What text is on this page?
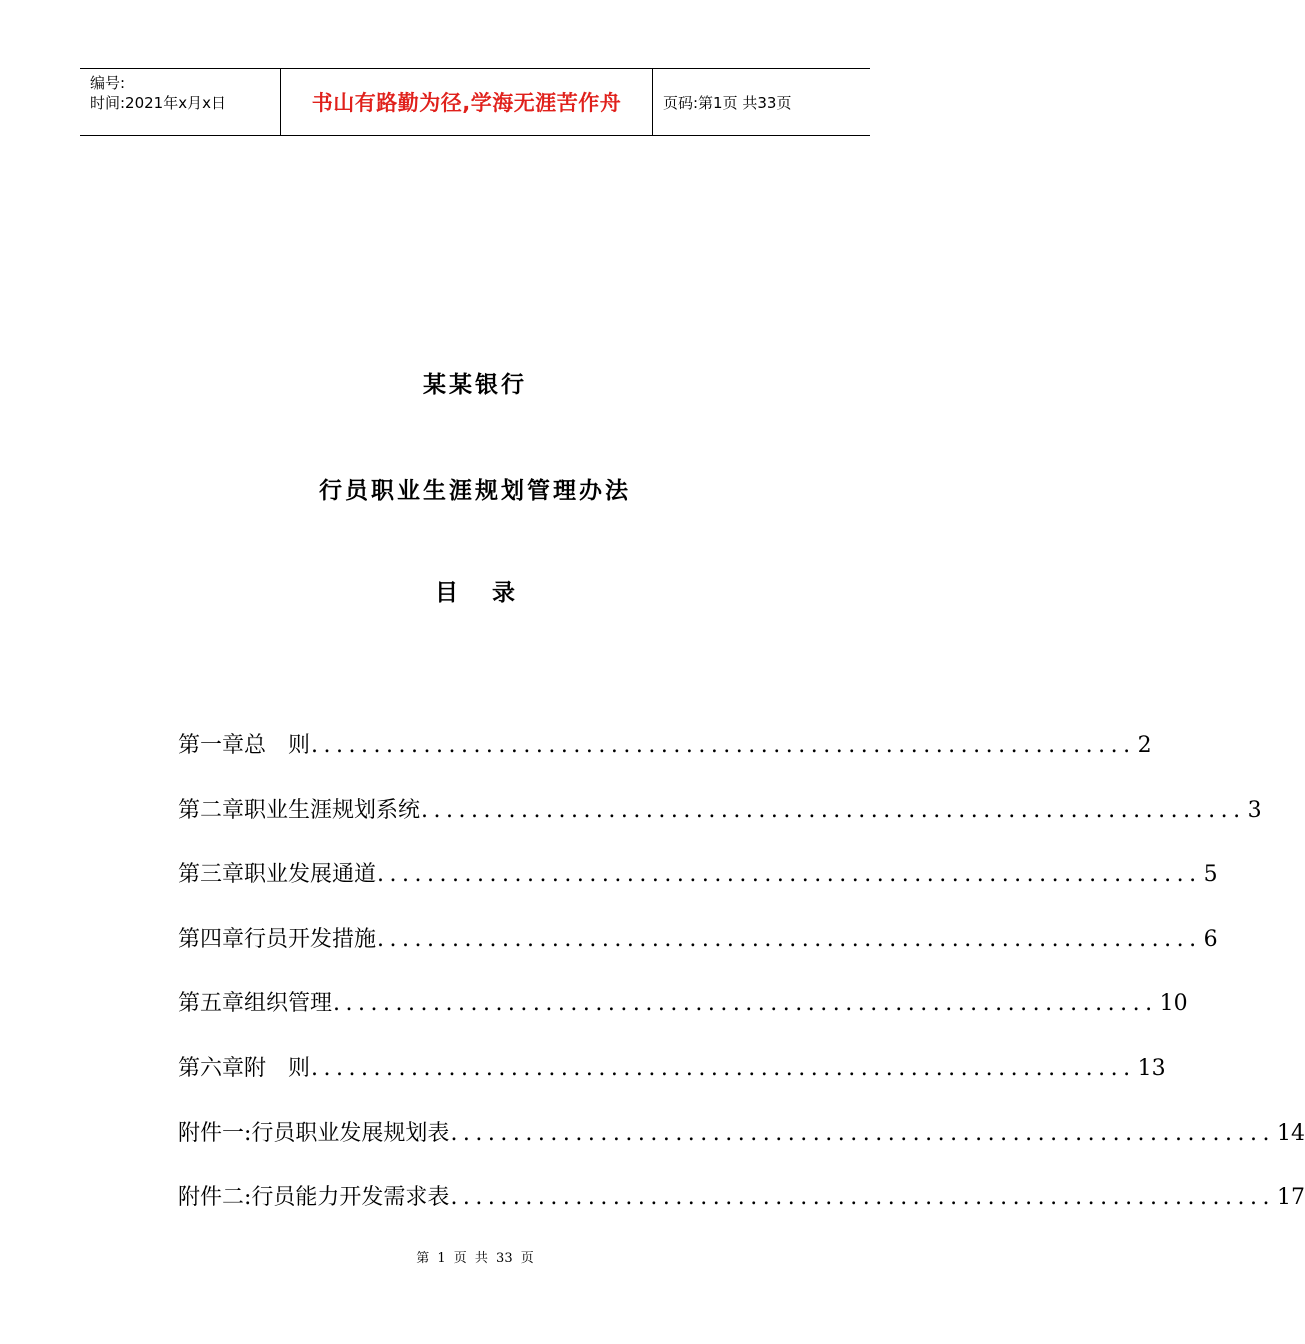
编号:
时间:2021年x月x日	书山有路勤为径,学海无涯苦作舟	页码:第1页 共33页
某某银行
行员职业生涯规划管理办法
目录
第一章 总　则 .................................................................. 2
第二章 职业生涯规划系统 .................................................................. 3
第三章 职业发展通道 .................................................................. 5
第四章 行员开发措施 .................................................................. 6
第五章 组织管理 .................................................................. 10
第六章 附　则 .................................................................. 13
附件一: 行员职业发展规划表 .................................................................. 14
附件二: 行员能力开发需求表 .................................................................. 17
第 1 页 共 33 页
